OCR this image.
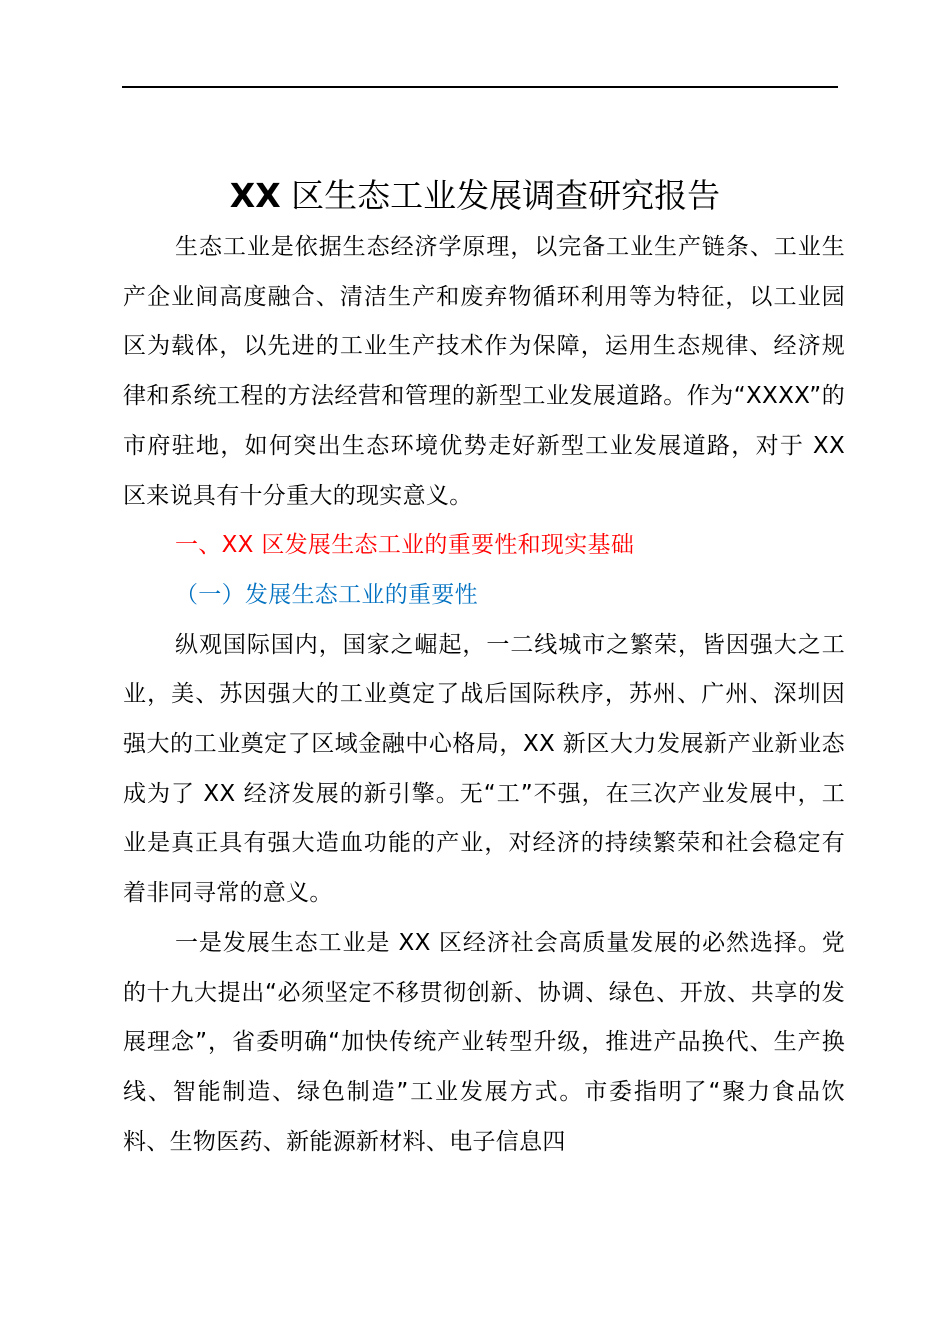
XX 区生态工业发展调查研究报告

生态工业是依据生态经济学原理，以完备工业生产链条、工业生产企业间高度融合、清洁生产和废弃物循环利用等为特征，以工业园区为载体，以先进的工业生产技术作为保障，运用生态规律、经济规律和系统工程的方法经营和管理的新型工业发展道路。作为“XXXX”的市府驻地，如何突出生态环境优势走好新型工业发展道路，对于 XX 区来说具有十分重大的现实意义。

一、XX 区发展生态工业的重要性和现实基础

（一）发展生态工业的重要性

纵观国际国内，国家之崛起，一二线城市之繁荣，皆因强大之工业，美、苏因强大的工业奠定了战后国际秩序，苏州、广州、深圳因强大的工业奠定了区域金融中心格局，XX 新区大力发展新产业新业态成为了 XX 经济发展的新引擎。无“工”不强，在三次产业发展中，工业是真正具有强大造血功能的产业，对经济的持续繁荣和社会稳定有着非同寻常的意义。

一是发展生态工业是 XX 区经济社会高质量发展的必然选择。党的十九大提出“必须坚定不移贯彻创新、协调、绿色、开放、共享的发展理念”，省委明确“加快传统产业转型升级，推进产品换代、生产换线、智能制造、绿色制造”工业发展方式。市委指明了“聚力食品饮料、生物医药、新能源新材料、电子信息四
